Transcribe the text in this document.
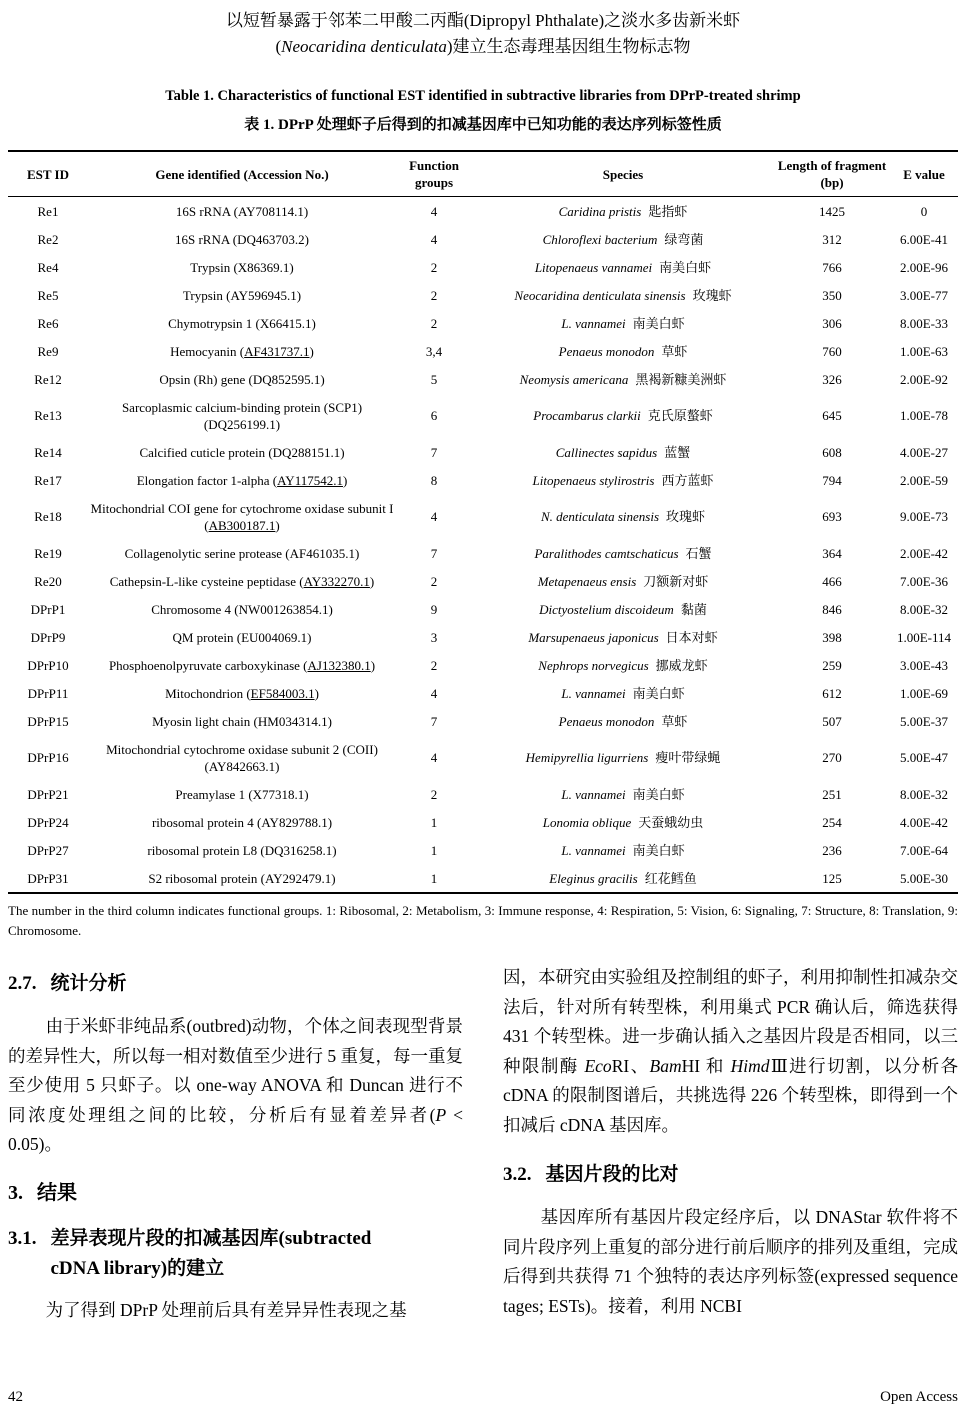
以短暂暴露于邻苯二甲酸二丙酯(Dipropyl Phthalate)之淡水多齿新米虾
(Neocaridina denticulata)建立生态毒理基因组生物标志物
Table 1. Characteristics of functional EST identified in subtractive libraries from DPrP-treated shrimp
表 1. DPrP 处理虾子后得到的扣减基因库中已知功能的表达序列标签性质
EST ID	Gene identified (Accession No.)	Function groups	Species	Length of fragment (bp)	E value
Re1	16S rRNA (AY708114.1)	4	Caridina pristis 匙指虾	1425	0
Re2	16S rRNA (DQ463703.2)	4	Chloroflexi bacterium 绿弯菌	312	6.00E-41
Re4	Trypsin (X86369.1)	2	Litopenaeus vannamei 南美白虾	766	2.00E-96
Re5	Trypsin (AY596945.1)	2	Neocaridina denticulata sinensis 玫瑰虾	350	3.00E-77
Re6	Chymotrypsin 1 (X66415.1)	2	L. vannamei 南美白虾	306	8.00E-33
Re9	Hemocyanin (AF431737.1)	3,4	Penaeus monodon 草虾	760	1.00E-63
Re12	Opsin (Rh) gene (DQ852595.1)	5	Neomysis americana 黑褐新糠美洲虾	326	2.00E-92
Re13	Sarcoplasmic calcium-binding protein (SCP1) (DQ256199.1)	6	Procambarus clarkii 克氏原螯虾	645	1.00E-78
Re14	Calcified cuticle protein (DQ288151.1)	7	Callinectes sapidus 蓝蟹	608	4.00E-27
Re17	Elongation factor 1-alpha (AY117542.1)	8	Litopenaeus stylirostris 西方蓝虾	794	2.00E-59
Re18	Mitochondrial COI gene for cytochrome oxidase subunit I (AB300187.1)	4	N. denticulata sinensis 玫瑰虾	693	9.00E-73
Re19	Collagenolytic serine protease (AF461035.1)	7	Paralithodes camtschaticus 石蟹	364	2.00E-42
Re20	Cathepsin-L-like cysteine peptidase (AY332270.1)	2	Metapenaeus ensis 刀额新对虾	466	7.00E-36
DPrP1	Chromosome 4 (NW001263854.1)	9	Dictyostelium discoideum 黏菌	846	8.00E-32
DPrP9	QM protein (EU004069.1)	3	Marsupenaeus japonicus 日本对虾	398	1.00E-114
DPrP10	Phosphoenolpyruvate carboxykinase (AJ132380.1)	2	Nephrops norvegicus 挪威龙虾	259	3.00E-43
DPrP11	Mitochondrion (EF584003.1)	4	L. vannamei 南美白虾	612	1.00E-69
DPrP15	Myosin light chain (HM034314.1)	7	Penaeus monodon 草虾	507	5.00E-37
DPrP16	Mitochondrial cytochrome oxidase subunit 2 (COII) (AY842663.1)	4	Hemipyrellia ligurriens 瘦叶带绿蝇	270	5.00E-47
DPrP21	Preamylase 1 (X77318.1)	2	L. vannamei 南美白虾	251	8.00E-32
DPrP24	ribosomal protein 4 (AY829788.1)	1	Lonomia oblique 天蚕蛾幼虫	254	4.00E-42
DPrP27	ribosomal protein L8 (DQ316258.1)	1	L. vannamei 南美白虾	236	7.00E-64
DPrP31	S2 ribosomal protein (AY292479.1)	1	Eleginus gracilis 红花鳕鱼	125	5.00E-30

The number in the third column indicates functional groups. 1: Ribosomal, 2: Metabolism, 3: Immune response, 4: Respiration, 5: Vision, 6: Signaling, 7: Structure, 8: Translation, 9: Chromosome.

2.7. 统计分析

由于米虾非纯品系(outbred)动物，个体之间表现型背景的差异性大，所以每一相对数值至少进行 5 重复，每一重复至少使用 5 只虾子。以 one-way ANOVA 和 Duncan 进行不同浓度处理组之间的比较，分析后有显着差异者(P < 0.05)。

3. 结果
3.1. 差异表现片段的扣减基因库(subtracted
cDNA library)的建立

为了得到 DPrP 处理前后具有差异异性表现之基

因，本研究由实验组及控制组的虾子，利用抑制性扣减杂交法后，针对所有转型株，利用巢式 PCR 确认后，筛选获得 431 个转型株。进一步确认插入之基因片段是否相同，以三种限制酶 EcoRI、BamHI 和 HimdⅢ进行切割，以分析各 cDNA 的限制图谱后，共挑选得 226 个转型株，即得到一个扣减后 cDNA 基因库。

3.2. 基因片段的比对

基因库所有基因片段定经序后，以 DNAStar 软件将不同片段序列上重复的部分进行前后顺序的排列及重组，完成后得到共获得 71 个独特的表达序列标签(expressed sequence tages; ESTs)。接着，利用 NCBI

42	Open Access
